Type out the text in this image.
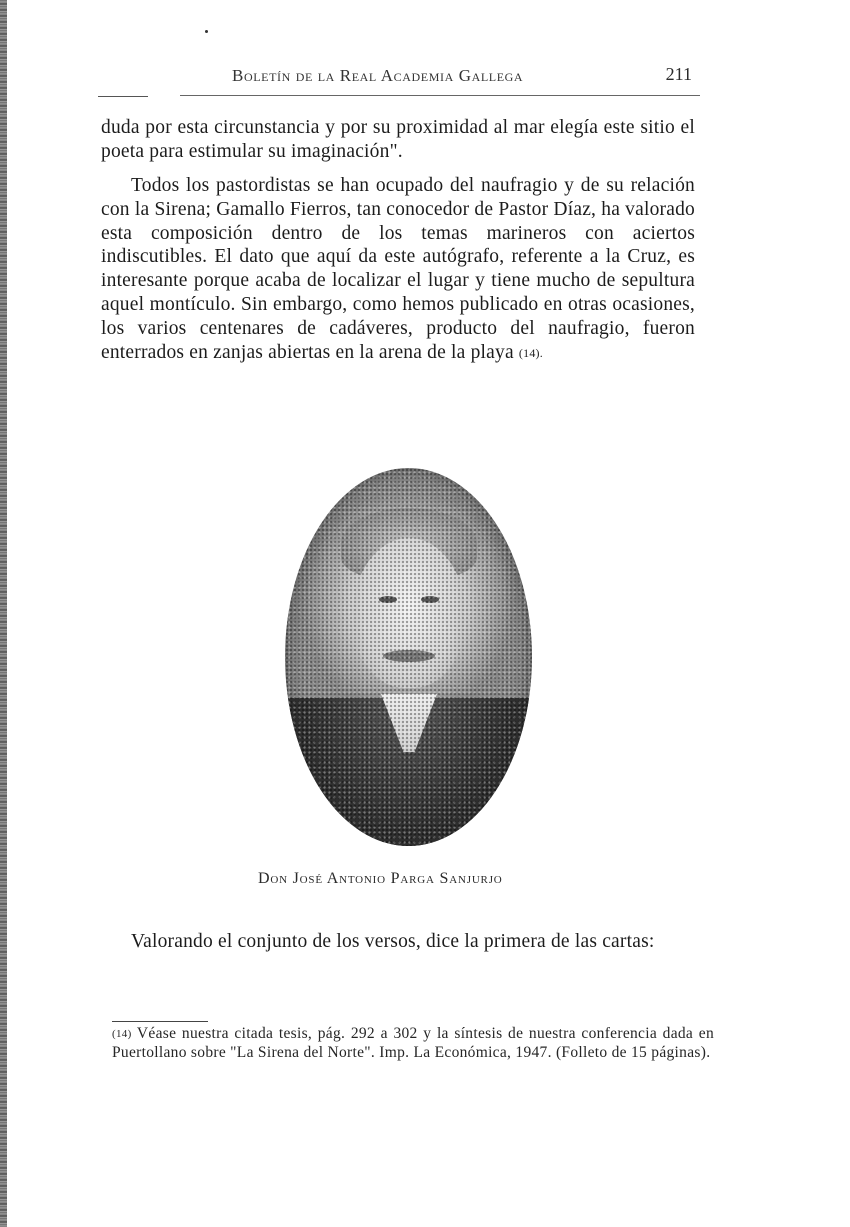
Boletín de la Real Academia Gallega	211

duda por esta circunstancia y por su proximidad al mar elegía este sitio el poeta para estimular su imaginación".

Todos los pastordistas se han ocupado del naufragio y de su relación con la Sirena; Gamallo Fierros, tan conocedor de Pastor Díaz, ha valorado esta composición dentro de los temas marineros con aciertos indiscutibles. El dato que aquí da este autógrafo, referente a la Cruz, es interesante porque acaba de localizar el lugar y tiene mucho de sepultura aquel montículo. Sin embargo, como hemos publicado en otras ocasiones, los varios centenares de cadáveres, producto del naufragio, fueron enterrados en zanjas abiertas en la arena de la playa (14).

Don José Antonio Parga Sanjurjo

Valorando el conjunto de los versos, dice la primera de las cartas:

(14) Véase nuestra citada tesis, pág. 292 a 302 y la síntesis de nuestra conferencia dada en Puertollano sobre "La Sirena del Norte". Imp. La Económica, 1947. (Folleto de 15 páginas).
